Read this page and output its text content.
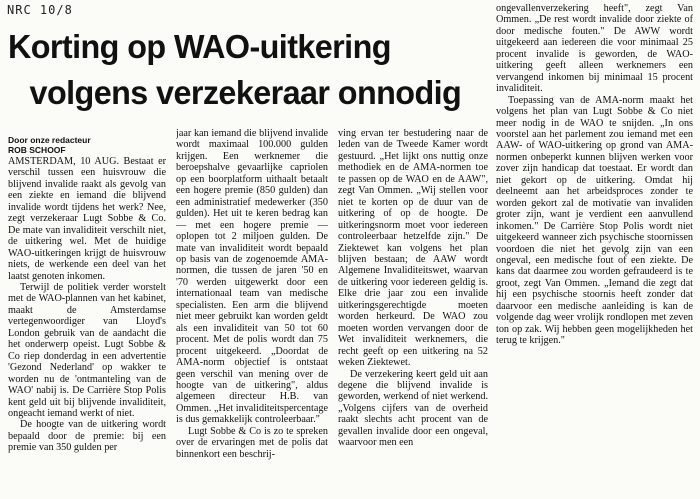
NRC 10/8
Korting op WAO-uitkering
volgens verzekeraar onnodig
Door onze redacteur
ROB SCHOOF

AMSTERDAM, 10 AUG. Bestaat er verschil tussen een huisvrouw die blijvend invalide raakt als gevolg van een ziekte en iemand die blijvend invalide wordt tijdens het werk? Nee, zegt verzekeraar Lugt Sobbe & Co. De mate van invaliditeit verschilt niet, de uitkering wel. Met de huidige WAO-uitkeringen krijgt de huisvrouw niets, de werkende een deel van het laatst genoten inkomen.

Terwijl de politiek verder worstelt met de WAO-plannen van het kabinet, maakt de Amsterdamse vertegenwoordiger van Lloyd's London gebruik van de aandacht die het onderwerp opeist. Lugt Sobbe & Co riep donderdag in een advertentie 'Gezond Nederland' op wakker te worden nu de 'ontmanteling van de WAO' nabij is. De Carrière Stop Polis kent geld uit bij blijvende invaliditeit, ongeacht iemand werkt of niet.

De hoogte van de uitkering wordt bepaald door de premie: bij een premie van 350 gulden per

jaar kan iemand die blijvend invalide wordt maximaal 100.000 gulden krijgen. Een werknemer die beroepshalve gevaarlijke capriolen op een boorplatform uithaalt betaalt een hogere premie (850 gulden) dan een administratief medewerker (350 gulden). Het uit te keren bedrag kan — met een hogere premie — oplopen tot 2 miljoen gulden. De mate van invaliditeit wordt bepaald op basis van de zogenoemde AMA-normen, die tussen de jaren '50 en '70 werden uitgewerkt door een internationaal team van medische specialisten. Een arm die blijvend niet meer gebruikt kan worden geldt als een invaliditeit van 50 tot 60 procent. Met de polis wordt dan 75 procent uitgekeerd. „Doordat de AMA-norm objectief is ontstaat geen verschil van mening over de hoogte van de uitkering", aldus algemeen directeur H.B. van Ommen. „Het invaliditeitspercentage is dus gemakkelijk controleerbaar."

Lugt Sobbe & Co is zo te spreken over de ervaringen met de polis dat binnenkort een beschrij-

ving ervan ter bestudering naar de leden van de Tweede Kamer wordt gestuurd. „Het lijkt ons nuttig onze methodiek en de AMA-normen toe te passen op de WAO en de AAW", zegt Van Ommen. „Wij stellen voor niet te korten op de duur van de uitkering of op de hoogte. De uitkeringsnorm moet voor iedereen controleerbaar hetzelfde zijn." De Ziektewet kan volgens het plan blijven bestaan; de AAW wordt Algemene Invaliditeitswet, waarvan de uitkering voor iedereen geldig is. Elke drie jaar zou een invalide uitkeringsgerechtigde moeten worden herkeurd. De WAO zou moeten worden vervangen door de Wet invaliditeit werknemers, die recht geeft op een uitkering na 52 weken Ziektewet.

De verzekering keert geld uit aan degene die blijvend invalide is geworden, werkend of niet werkend. „Volgens cijfers van de overheid raakt slechts acht procent van de gevallen invalide door een ongeval, waarvoor men een

ongevallenverzekering heeft", zegt Van Ommen. „De rest wordt invalide door ziekte of door medische fouten." De AWW wordt uitgekeerd aan iedereen die voor minimaal 25 procent invalide is geworden, de WAO-uitkering geeft alleen werknemers een vervangend inkomen bij minimaal 15 procent invaliditeit.

Toepassing van de AMA-norm maakt het volgens het plan van Lugt Sobbe & Co niet meer nodig in de WAO te snijden. „In ons voorstel aan het parlement zou iemand met een AAW- of WAO-uitkering op grond van AMA-normen onbeperkt kunnen blijven werken voor zover zijn handicap dat toestaat. Er wordt dan niet gekort op de uitkering. Omdat hij deelneemt aan het arbeidsproces zonder te worden gekort zal de motivatie van invaliden groter zijn, want je verdient een aanvullend inkomen." De Carrière Stop Polis wordt niet uitgekeerd wanneer zich psychische stoornissen voordoen die niet het gevolg zijn van een ongeval, een medische fout of een ziekte. De kans dat daarmee zou worden gefraudeerd is te groot, zegt Van Ommen. „Iemand die zegt dat hij een psychische stoornis heeft zonder dat daarvoor een medische aanleiding is kan de volgende dag weer vrolijk rondlopen met zeven ton op zak. Wij hebben geen mogelijkheden het terug te krijgen."
